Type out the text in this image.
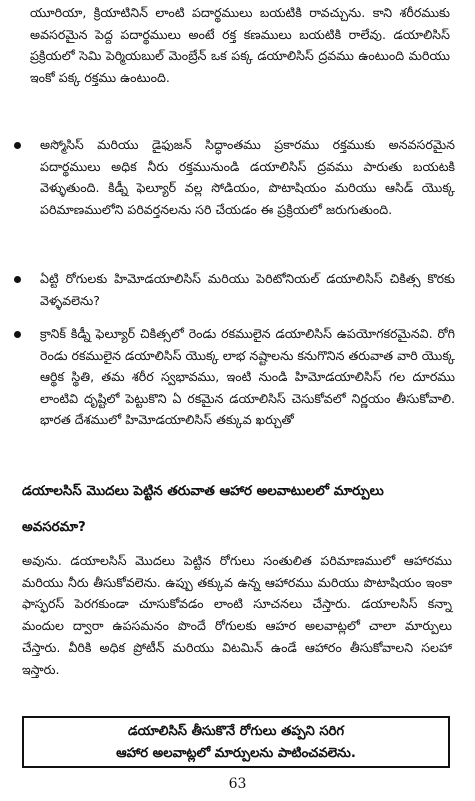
యూరియా, క్రియాటినిన్ లాంటి పదార్థములు బయటికి రావచ్చును. కాని శరీరముకు అవసరమైన పెద్ద పదార్థములు అంటే రక్త కణములు బయటికి రాలేవు. డయాలిసిస్ ప్రక్రియలో సెమి పెర్మియబుల్ మెంబ్రేన్ ఒక పక్క డయాలిసిస్ ద్రవము ఉంటుంది మరియు ఇంకో పక్క రక్తము ఉంటుంది.

అస్మోసిస్ మరియు డైఫుజన్ సిద్ధాంతము ప్రకారము రక్తముకు అనవసరమైన పదార్థములు అధిక నీరు రక్తమునుండి డయాలిసిస్ ద్రవము పారుతు బయటకి వెళ్ళుతుంది. కిడ్నీ ఫెల్యూర్ వల్ల సోడియం, పొటాషియం మరియు ఆసిడ్ యొక్క పరిమాణములోని పరివర్తనలను సరి చేయడం ఈ ప్రక్రియలో జరుగుతుంది.

ఏట్టి రోగులకు హిమోడయాలిసిస్ మరియు పెరిటోనియల్ డయాలిసిస్ చికిత్స కొరకు వెళ్ళవలెను?

క్రానిక్ కిడ్నీ ఫెల్యూర్ చికిత్సలో రెండు రకములైన డయాలిసిస్ ఉపయోగకరమైనవి. రోగి రెండు రకములైన డయాలిసిస్ యొక్క లాభ నష్టాలను కనుగొనిన తరువాత వారి యొక్క ఆర్థిక స్థితి, తమ శరీర స్వభావము, ఇంటి నుండి హిమోడయాలిసిస్ గల దూరము లాంటివి దృష్టిలో పెట్టుకొని ఏ రకమైన డయాలిసిస్ చెసుకోవలో నిర్ణయం తీసుకోవాలి. భారత దేశములో హిమోడయాలిసిస్ తక్కువ ఖర్చుతో

డయాలసిస్ మొదలు పెట్టిన తరువాత ఆహార అలవాటులలో మార్పులు అవసరమా?

అవును. డయాలసిస్ మొదలు పెట్టిన రోగులు సంతులిత పరిమాణములో ఆహారము మరియు నీరు తీసుకోవలెను. ఉప్పు తక్కువ ఉన్న ఆహారము మరియు పొటాషియం ఇంకా ఫాస్ఫరస్ పెరగకుండా చూసుకోవడం లాంటి సూచనలు చేస్తారు. డయాలసిస్ కన్నా మందుల ద్వారా ఉపసమనం పొందే రోగులకు ఆహర అలవాట్లలో చాలా మార్పులు చేస్తారు. వీరికి అధిక ప్రోటీన్ మరియు విటమిన్ ఉండే ఆహారం తీసుకోవాలని సలహా ఇస్తారు.

డయాలిసిస్ తీసుకొనే రోగులు తప్పని సరిగ
ఆహార అలవాట్లలో మార్పులను పాటించవలెను.
63
